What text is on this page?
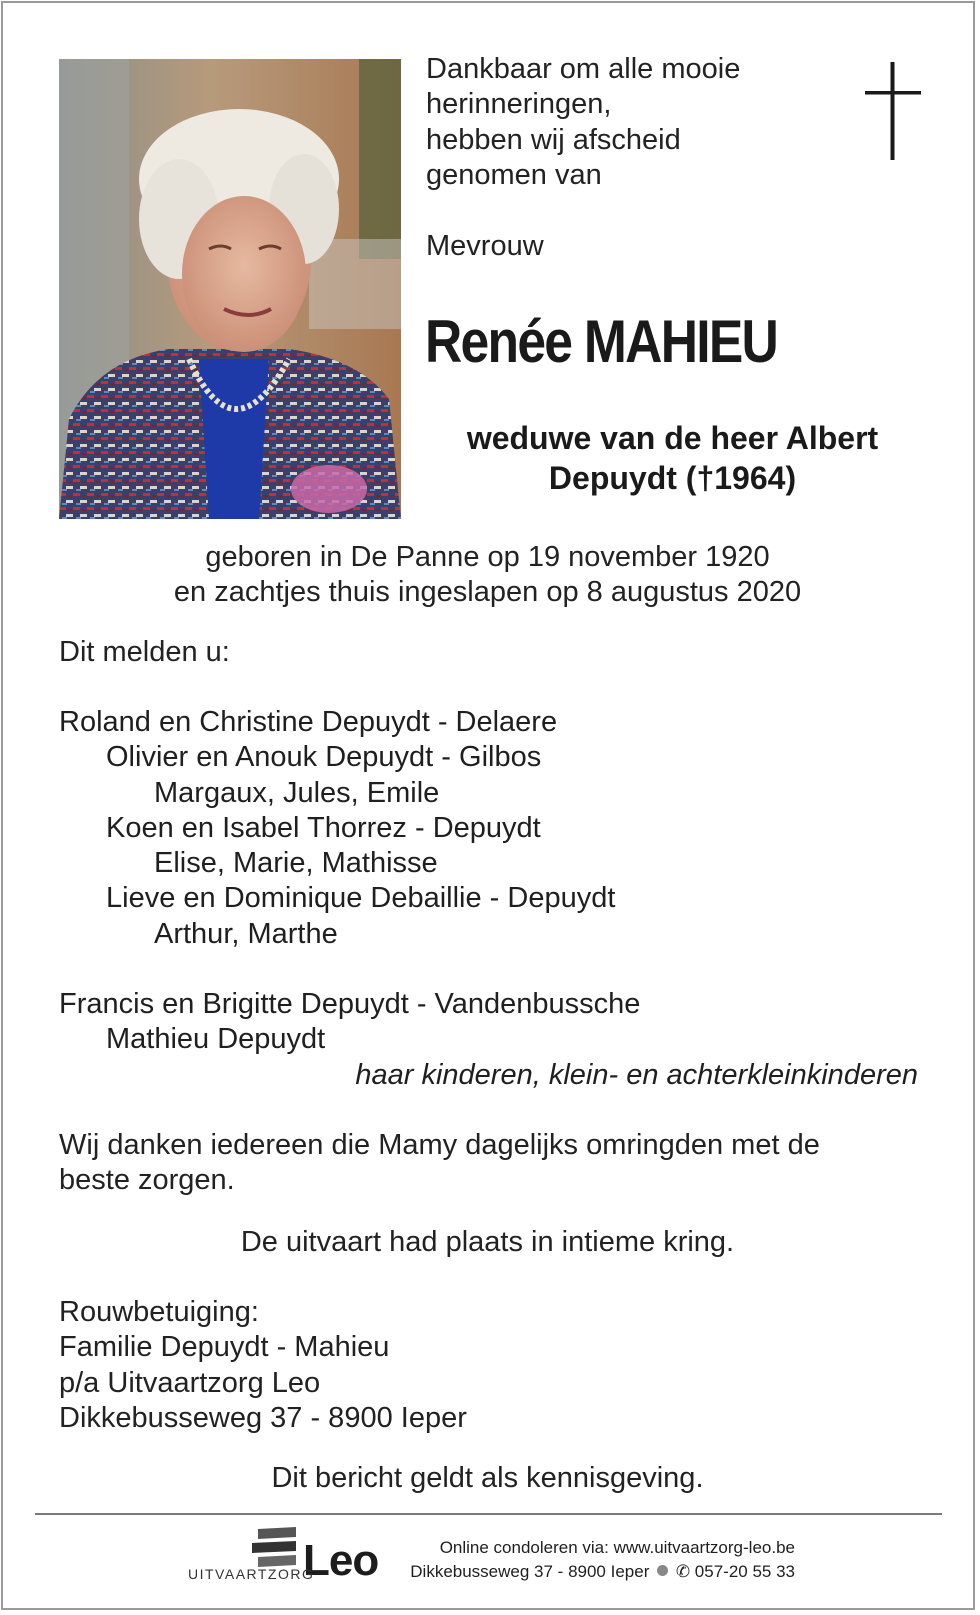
Dankbaar om alle mooie
herinneringen,
hebben wij afscheid
genomen van
Mevrouw
Renée MAHIEU
weduwe van de heer Albert
Depuydt (†1964)
geboren in De Panne op 19 november 1920
en zachtjes thuis ingeslapen op 8 augustus 2020
Dit melden u:
Roland en Christine Depuydt - Delaere
Olivier en Anouk Depuydt - Gilbos
Margaux, Jules, Emile
Koen en Isabel Thorrez - Depuydt
Elise, Marie, Mathisse
Lieve en Dominique Debaillie - Depuydt
Arthur, Marthe
Francis en Brigitte Depuydt - Vandenbussche
Mathieu Depuydt
haar kinderen, klein- en achterkleinkinderen
Wij danken iedereen die Mamy dagelijks omringden met de
beste zorgen.
De uitvaart had plaats in intieme kring.
Rouwbetuiging:
Familie Depuydt - Mahieu
p/a Uitvaartzorg Leo
Dikkebusseweg 37 - 8900 Ieper
Dit bericht geldt als kennisgeving.
Leo
UITVAARTZORG
Online condoleren via: www.uitvaartzorg-leo.be
Dikkebusseweg 37 - 8900 Ieper ✆ 057-20 55 33
